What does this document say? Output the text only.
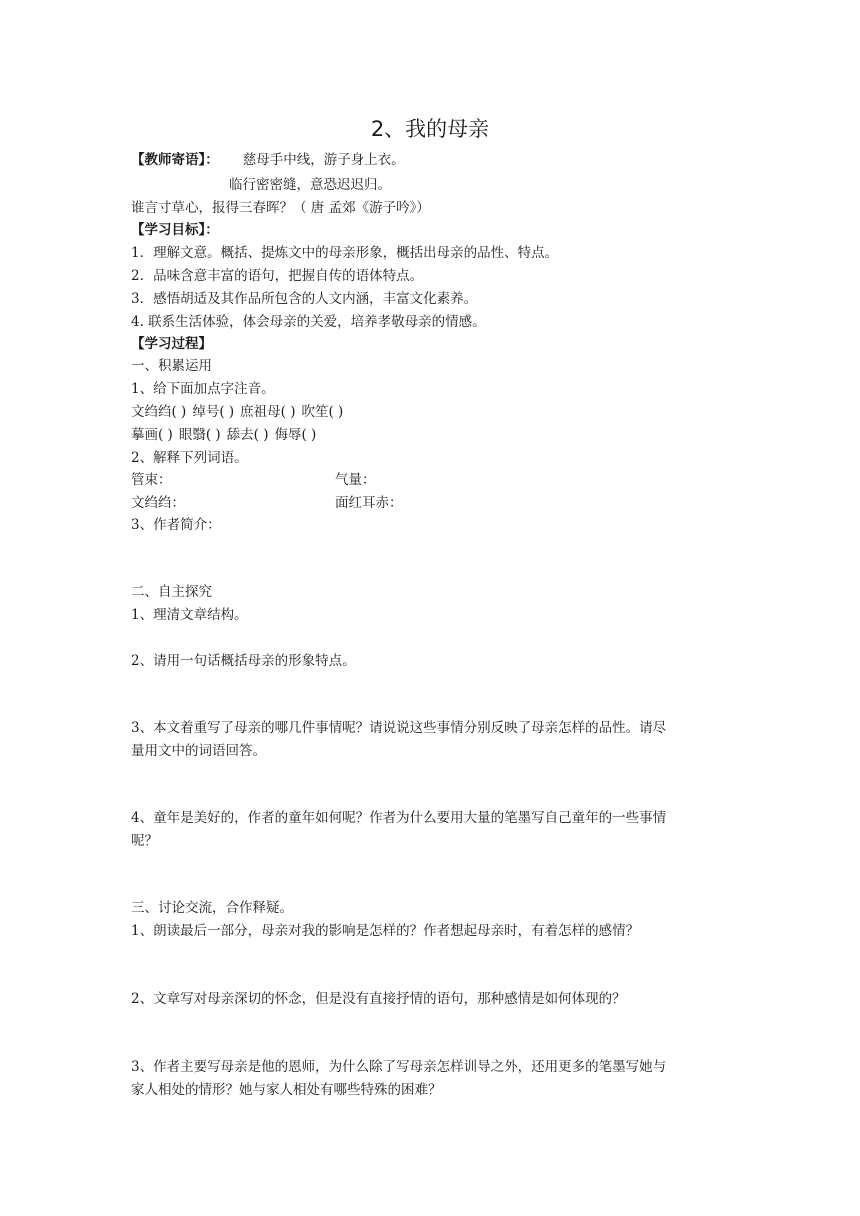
2、我的母亲
【教师寄语】： 慈母手中线，游子身上衣。
临行密密缝，意恐迟迟归。
谁言寸草心，报得三春晖？（ 唐 孟郊《游子吟》）
【学习目标】：
1．理解文意。概括、提炼文中的母亲形象，概括出母亲的品性、特点。
2．品味含意丰富的语句，把握自传的语体特点。
3．感悟胡适及其作品所包含的人文内涵，丰富文化素养。
4. 联系生活体验，体会母亲的关爱，培养孝敬母亲的情感。
【学习过程】
一、积累运用
1、给下面加点字注音。
文绉绉( ) 绰号( ) 庶祖母( ) 吹笙( )
摹画( ) 眼翳( ) 舔去( ) 侮辱( )
2、解释下列词语。
管束：	气量：
文绉绉：	面红耳赤：
3、作者简介：
二、自主探究
1、理清文章结构。
2、请用一句话概括母亲的形象特点。
3、本文着重写了母亲的哪几件事情呢？请说说这些事情分别反映了母亲怎样的品性。请尽
量用文中的词语回答。
4、童年是美好的，作者的童年如何呢？作者为什么要用大量的笔墨写自己童年的一些事情
呢？
三、讨论交流，合作释疑。
1、朗读最后一部分，母亲对我的影响是怎样的？作者想起母亲时，有着怎样的感情？
2、文章写对母亲深切的怀念，但是没有直接抒情的语句，那种感情是如何体现的？
3、作者主要写母亲是他的恩师，为什么除了写母亲怎样训导之外，还用更多的笔墨写她与
家人相处的情形？她与家人相处有哪些特殊的困难？
